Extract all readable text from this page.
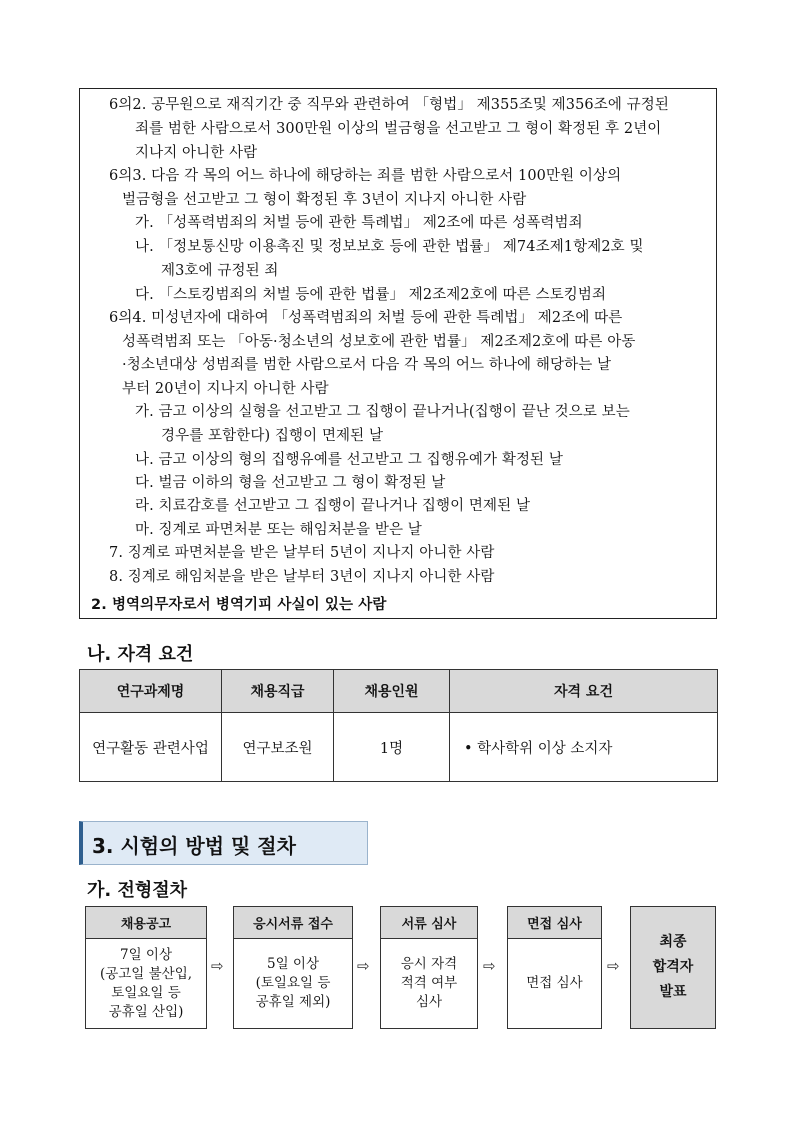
6의2. 공무원으로 재직기간 중 직무와 관련하여 「형법」 제355조및 제356조에 규정된
죄를 범한 사람으로서 300만원 이상의 벌금형을 선고받고 그 형이 확정된 후 2년이
지나지 아니한 사람
6의3. 다음 각 목의 어느 하나에 해당하는 죄를 범한 사람으로서 100만원 이상의
벌금형을 선고받고 그 형이 확정된 후 3년이 지나지 아니한 사람
가. 「성폭력범죄의 처벌 등에 관한 특례법」 제2조에 따른 성폭력범죄
나. 「정보통신망 이용촉진 및 정보보호 등에 관한 법률」 제74조제1항제2호 및
제3호에 규정된 죄
다. 「스토킹범죄의 처벌 등에 관한 법률」 제2조제2호에 따른 스토킹범죄
6의4. 미성년자에 대하여 「성폭력범죄의 처벌 등에 관한 특례법」 제2조에 따른
성폭력범죄 또는 「아동·청소년의 성보호에 관한 법률」 제2조제2호에 따른 아동
·청소년대상 성범죄를 범한 사람으로서 다음 각 목의 어느 하나에 해당하는 날
부터 20년이 지나지 아니한 사람
가. 금고 이상의 실형을 선고받고 그 집행이 끝나거나(집행이 끝난 것으로 보는
경우를 포함한다) 집행이 면제된 날
나. 금고 이상의 형의 집행유예를 선고받고 그 집행유예가 확정된 날
다. 벌금 이하의 형을 선고받고 그 형이 확정된 날
라. 치료감호를 선고받고 그 집행이 끝나거나 집행이 면제된 날
마. 징계로 파면처분 또는 해임처분을 받은 날
7. 징계로 파면처분을 받은 날부터 5년이 지나지 아니한 사람
8. 징계로 해임처분을 받은 날부터 3년이 지나지 아니한 사람
2. 병역의무자로서 병역기피 사실이 있는 사람
나. 자격 요건
연구과제명	채용직급	채용인원	자격 요건
연구활동 관련사업	연구보조원	1명	• 학사학위 이상 소지자
3. 시험의 방법 및 절차
가. 전형절차
채용공고
7일 이상
(공고일 불산입,
토일요일 등
공휴일 산입)
⇨
응시서류 접수
5일 이상
(토일요일 등
공휴일 제외)
⇨
서류 심사
응시 자격
적격 여부
심사
⇨
면접 심사
면접 심사
⇨
최종
합격자
발표
